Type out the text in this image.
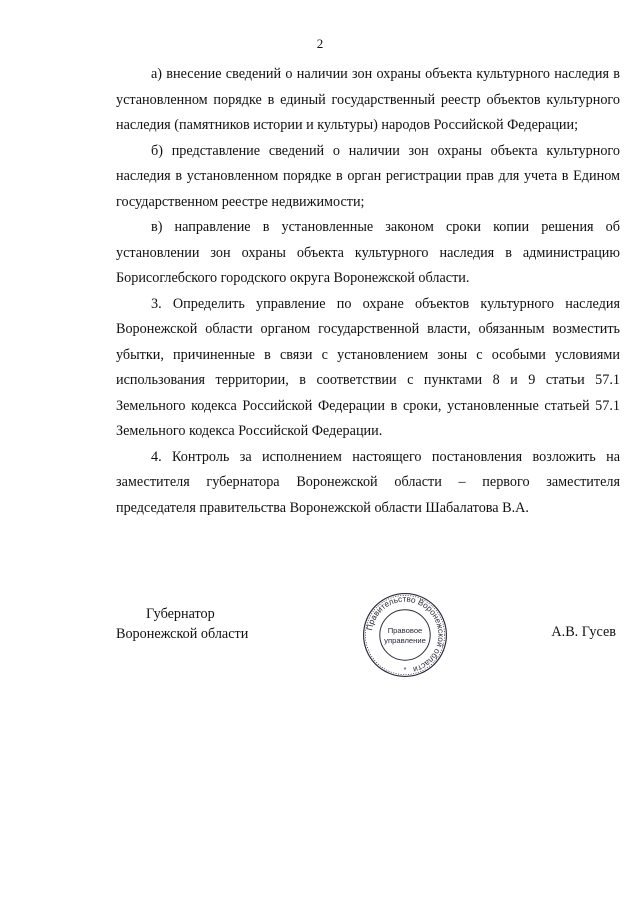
2

а) внесение сведений о наличии зон охраны объекта культурного наследия в установленном порядке в единый государственный реестр объектов культурного наследия (памятников истории и культуры) народов Российской Федерации;

б) представление сведений о наличии зон охраны объекта культурного наследия в установленном порядке в орган регистрации прав для учета в Едином государственном реестре недвижимости;

в) направление в установленные законом сроки копии решения об установлении зон охраны объекта культурного наследия в администрацию Борисоглебского городского округа Воронежской области.

3. Определить управление по охране объектов культурного наследия Воронежской области органом государственной власти, обязанным возместить убытки, причиненные в связи с установлением зоны с особыми условиями использования территории, в соответствии с пунктами 8 и 9 статьи 57.1 Земельного кодекса Российской Федерации в сроки, установленные статьей 57.1 Земельного кодекса Российской Федерации.

4. Контроль за исполнением настоящего постановления возложить на заместителя губернатора Воронежской области – первого заместителя председателя правительства Воронежской области Шабалатова В.А.

Губернатор
Воронежской области	Правительство Воронежской области
Правовое
управление
*
А.В. Гусев
